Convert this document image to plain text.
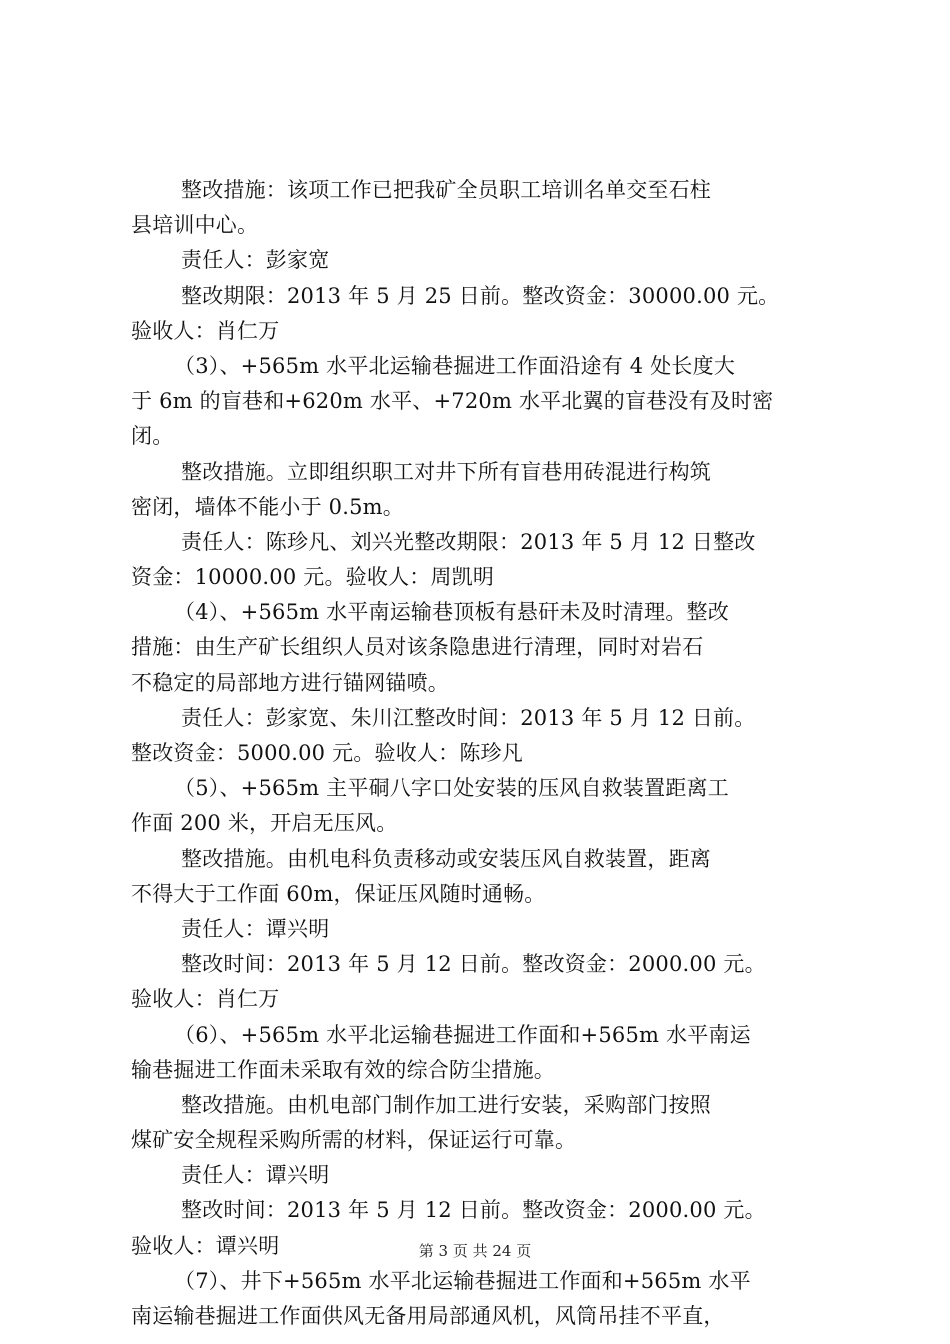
整改措施：该项工作已把我矿全员职工培训名单交至石柱
县培训中心。
责任人：彭家宽
整改期限：2013 年 5 月 25 日前。整改资金：30000.00 元。
验收人：肖仁万
（3）、+565m 水平北运输巷掘进工作面沿途有 4 处长度大
于 6m 的盲巷和+620m 水平、+720m 水平北翼的盲巷没有及时密
闭。
整改措施。立即组织职工对井下所有盲巷用砖混进行构筑
密闭，墙体不能小于 0.5m。
责任人：陈珍凡、刘兴光整改期限：2013 年 5 月 12 日整改
资金：10000.00 元。验收人：周凯明
（4）、+565m 水平南运输巷顶板有悬矸未及时清理。整改
措施：由生产矿长组织人员对该条隐患进行清理，同时对岩石
不稳定的局部地方进行锚网锚喷。
责任人：彭家宽、朱川江整改时间：2013 年 5 月 12 日前。
整改资金：5000.00 元。验收人：陈珍凡
（5）、+565m 主平硐八字口处安装的压风自救装置距离工
作面 200 米，开启无压风。
整改措施。由机电科负责移动或安装压风自救装置，距离
不得大于工作面 60m，保证压风随时通畅。
责任人：谭兴明
整改时间：2013 年 5 月 12 日前。整改资金：2000.00 元。
验收人：肖仁万
（6）、+565m 水平北运输巷掘进工作面和+565m 水平南运
输巷掘进工作面未采取有效的综合防尘措施。
整改措施。由机电部门制作加工进行安装，采购部门按照
煤矿安全规程采购所需的材料，保证运行可靠。
责任人：谭兴明
整改时间：2013 年 5 月 12 日前。整改资金：2000.00 元。
验收人：谭兴明
（7）、井下+565m 水平北运输巷掘进工作面和+565m 水平
南运输巷掘进工作面供风无备用局部通风机，风筒吊挂不平直，
第 3 页 共 24 页
